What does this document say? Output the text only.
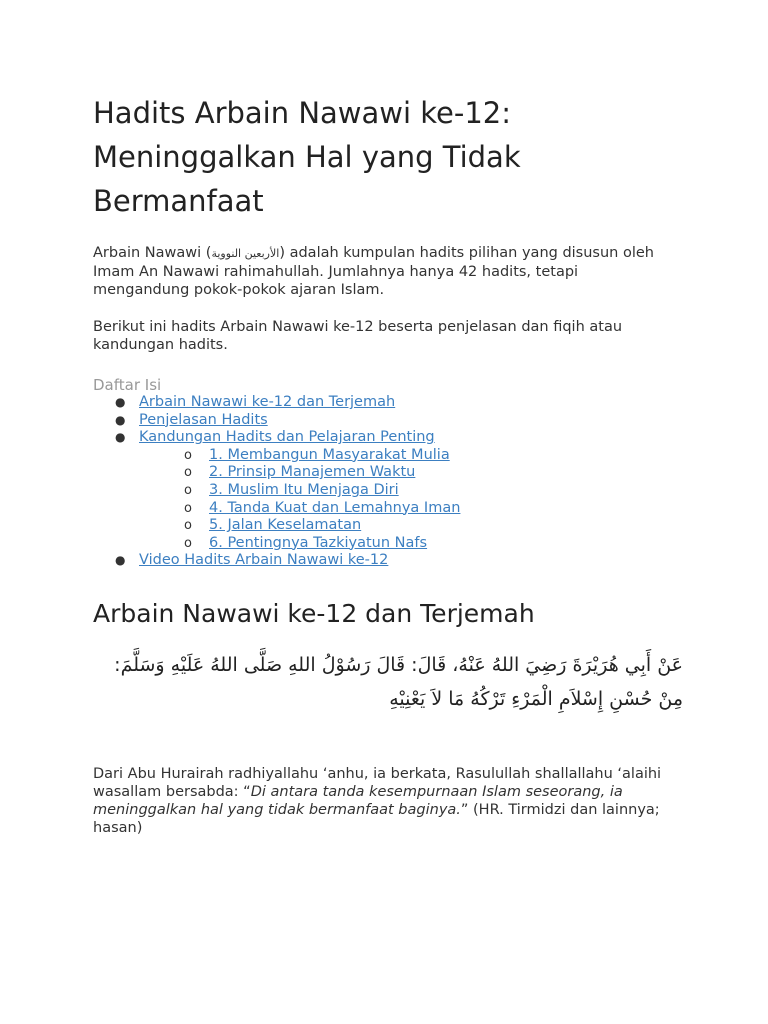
Hadits Arbain Nawawi ke-12: Meninggalkan Hal yang Tidak Bermanfaat

Arbain Nawawi (الأربعين النووية) adalah kumpulan hadits pilihan yang disusun oleh Imam An Nawawi rahimahullah. Jumlahnya hanya 42 hadits, tetapi mengandung pokok-pokok ajaran Islam.

Berikut ini hadits Arbain Nawawi ke-12 beserta penjelasan dan fiqih atau kandungan hadits.

Daftar Isi
● Arbain Nawawi ke-12 dan Terjemah
● Penjelasan Hadits
● Kandungan Hadits dan Pelajaran Penting
o 1. Membangun Masyarakat Mulia
o 2. Prinsip Manajemen Waktu
o 3. Muslim Itu Menjaga Diri
o 4. Tanda Kuat dan Lemahnya Iman
o 5. Jalan Keselamatan
o 6. Pentingnya Tazkiyatun Nafs
● Video Hadits Arbain Nawawi ke-12
Arbain Nawawi ke-12 dan Terjemah

عَنْ أَبِي هُرَيْرَةَ رَضِيَ اللهُ عَنْهُ، قَالَ: قَالَ رَسُوْلُ اللهِ صَلَّى اللهُ عَلَيْهِ وَسَلَّمَ: مِنْ حُسْنِ إِسْلاَمِ الْمَرْءِ تَرْكُهُ مَا لاَ يَعْنِيْهِ

Dari Abu Hurairah radhiyallahu ‘anhu, ia berkata, Rasulullah shallallahu ‘alaihi wasallam bersabda: “Di antara tanda kesempurnaan Islam seseorang, ia meninggalkan hal yang tidak bermanfaat baginya.” (HR. Tirmidzi dan lainnya; hasan)
